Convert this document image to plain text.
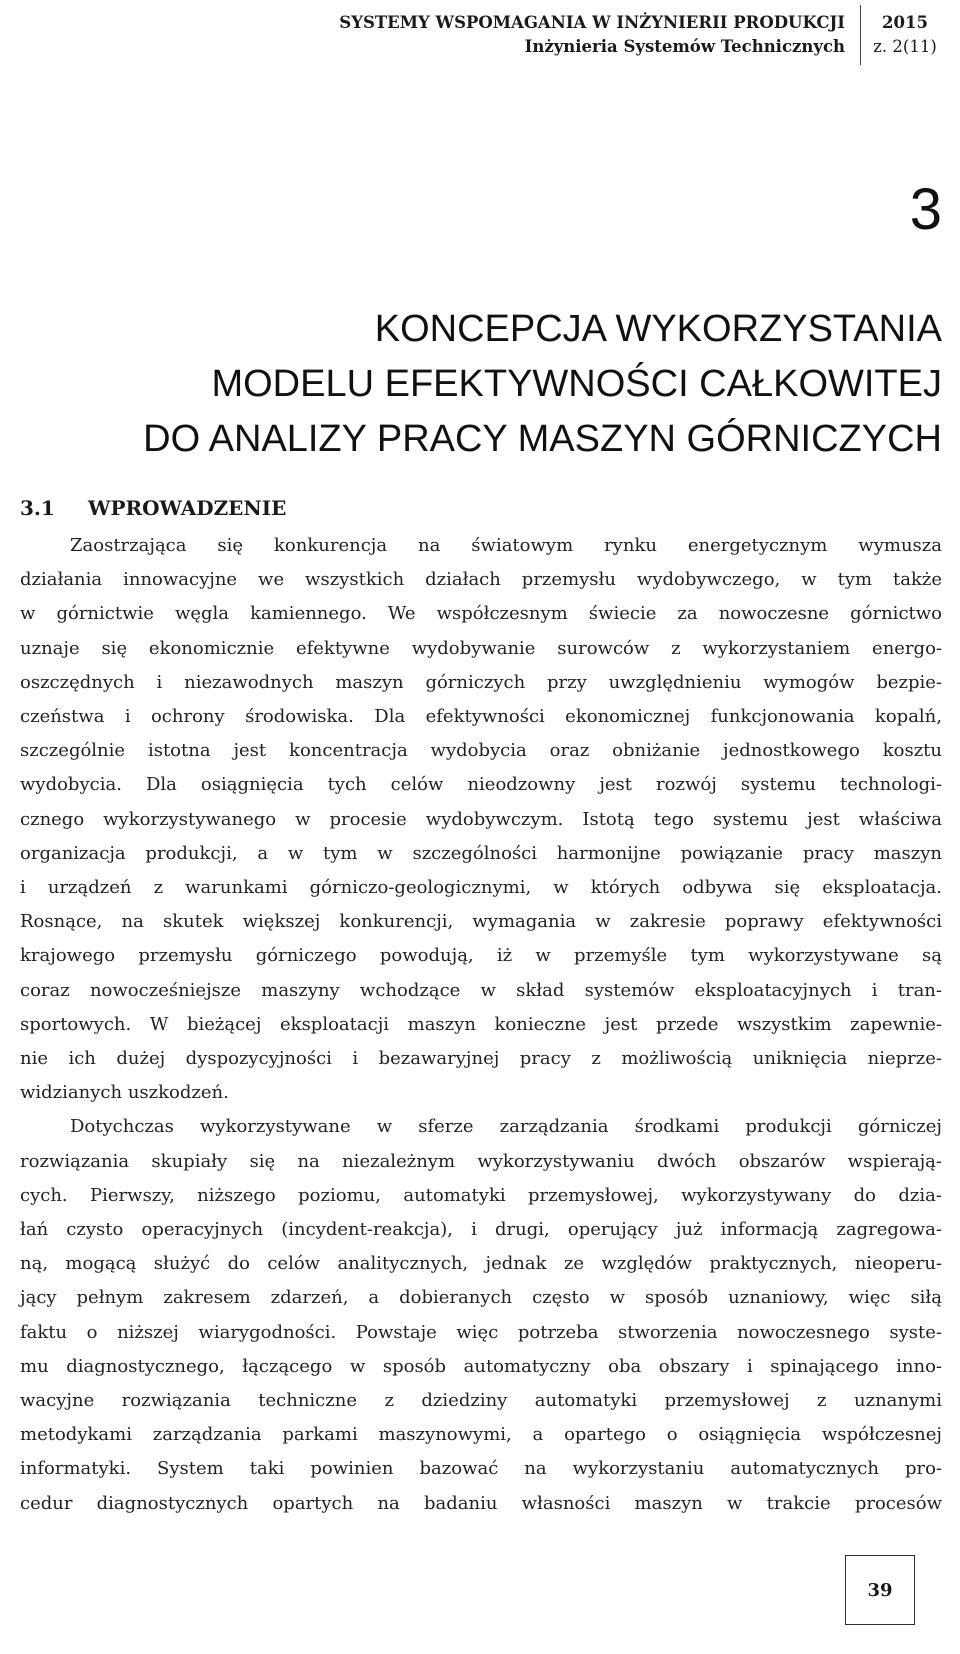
SYSTEMY WSPOMAGANIA W INŻYNIERII PRODUKCJI
Inżynieria Systemów Technicznych
2015
z. 2(11)
3
KONCEPCJA WYKORZYSTANIA
MODELU EFEKTYWNOŚCI CAŁKOWITEJ
DO ANALIZY PRACY MASZYN GÓRNICZYCH
3.1 WPROWADZENIE

Zaostrzająca się konkurencja na światowym rynku energetycznym wymusza
działania innowacyjne we wszystkich działach przemysłu wydobywczego, w tym także
w górnictwie węgla kamiennego. We współczesnym świecie za nowoczesne górnictwo
uznaje się ekonomicznie efektywne wydobywanie surowców z wykorzystaniem energo-
oszczędnych i niezawodnych maszyn górniczych przy uwzględnieniu wymogów bezpie-
czeństwa i ochrony środowiska. Dla efektywności ekonomicznej funkcjonowania kopalń,
szczególnie istotna jest koncentracja wydobycia oraz obniżanie jednostkowego kosztu
wydobycia. Dla osiągnięcia tych celów nieodzowny jest rozwój systemu technologi-
cznego wykorzystywanego w procesie wydobywczym. Istotą tego systemu jest właściwa
organizacja produkcji, a w tym w szczególności harmonijne powiązanie pracy maszyn
i urządzeń z warunkami górniczo-geologicznymi, w których odbywa się eksploatacja.
Rosnące, na skutek większej konkurencji, wymagania w zakresie poprawy efektywności
krajowego przemysłu górniczego powodują, iż w przemyśle tym wykorzystywane są
coraz nowocześniejsze maszyny wchodzące w skład systemów eksploatacyjnych i tran-
sportowych. W bieżącej eksploatacji maszyn konieczne jest przede wszystkim zapewnie-
nie ich dużej dyspozycyjności i bezawaryjnej pracy z możliwością uniknięcia nieprze-
widzianych uszkodzeń.

Dotychczas wykorzystywane w sferze zarządzania środkami produkcji górniczej
rozwiązania skupiały się na niezależnym wykorzystywaniu dwóch obszarów wspierają-
cych. Pierwszy, niższego poziomu, automatyki przemysłowej, wykorzystywany do dzia-
łań czysto operacyjnych (incydent-reakcja), i drugi, operujący już informacją zagregowa-
ną, mogącą służyć do celów analitycznych, jednak ze względów praktycznych, nieoperu-
jący pełnym zakresem zdarzeń, a dobieranych często w sposób uznaniowy, więc siłą
faktu o niższej wiarygodności. Powstaje więc potrzeba stworzenia nowoczesnego syste-
mu diagnostycznego, łączącego w sposób automatyczny oba obszary i spinającego inno-
wacyjne rozwiązania techniczne z dziedziny automatyki przemysłowej z uznanymi
metodykami zarządzania parkami maszynowymi, a opartego o osiągnięcia współczesnej
informatyki. System taki powinien bazować na wykorzystaniu automatycznych pro-
cedur diagnostycznych opartych na badaniu własności maszyn w trakcie procesów

39
